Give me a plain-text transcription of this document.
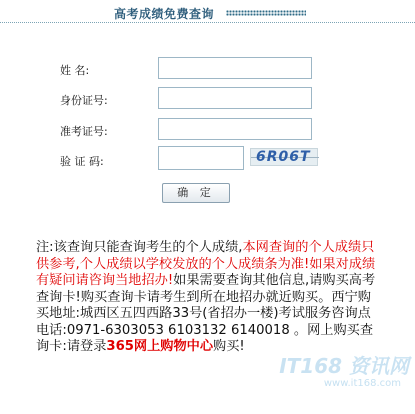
高考成绩免费查询
姓 名:
身份证号:
准考证号:
验 证 码:	6R06T
确 定
注:该查询只能查询考生的个人成绩,本网查询的个人成绩只供参考,个人成绩以学校发放的个人成绩条为准!如果对成绩有疑问请咨询当地招办!如果需要查询其他信息,请购买高考查询卡!购买查询卡请考生到所在地招办就近购买。西宁购买地址:城西区五四西路33号(省招办一楼)考试服务咨询点 电话:0971-6303053 6103132 6140018 。网上购买查询卡:请登录365网上购物中心购买!
IT168 资讯网
www.it168.com
